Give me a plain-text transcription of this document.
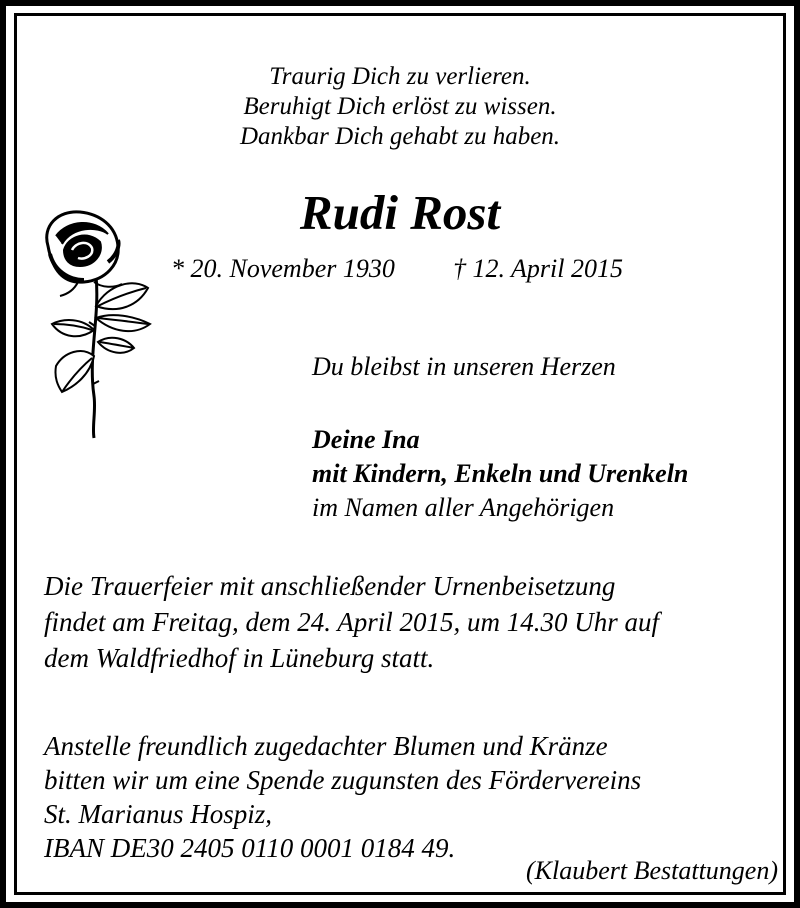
Traurig Dich zu verlieren.
Beruhigt Dich erlöst zu wissen.
Dankbar Dich gehabt zu haben.
Rudi Rost
* 20. November 1930 † 12. April 2015
Du bleibst in unseren Herzen
Deine Ina
mit Kindern, Enkeln und Urenkeln
im Namen aller Angehörigen
Die Trauerfeier mit anschließender Urnenbeisetzung
findet am Freitag, dem 24. April 2015, um 14.30 Uhr auf
dem Waldfriedhof in Lüneburg statt.
Anstelle freundlich zugedachter Blumen und Kränze
bitten wir um eine Spende zugunsten des Fördervereins
St. Marianus Hospiz,
IBAN DE30 2405 0110 0001 0184 49.
(Klaubert Bestattungen)
